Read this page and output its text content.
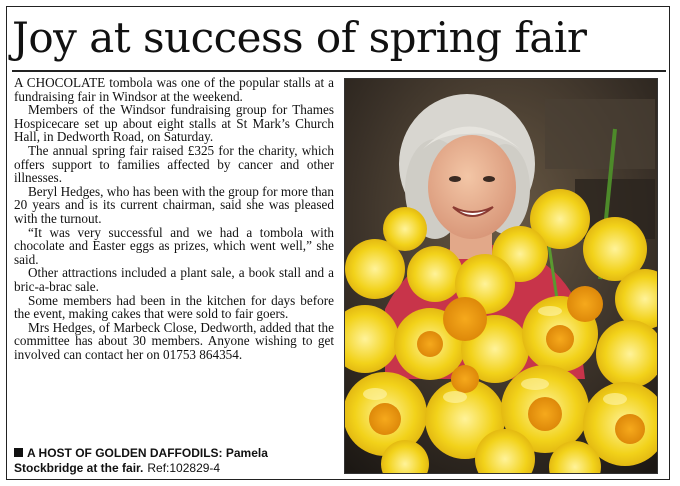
Joy at success of spring fair

A CHOCOLATE tombola was one of the popular stalls at a fundraising fair in Windsor at the weekend.

Members of the Windsor fundraising group for Thames Hospicecare set up about eight stalls at St Mark’s Church Hall, in Dedworth Road, on Saturday.

The annual spring fair raised £325 for the charity, which offers support to families affected by cancer and other illnesses.

Beryl Hedges, who has been with the group for more than 20 years and is its current chairman, said she was pleased with the turnout.

“It was very successful and we had a tombola with chocolate and Easter eggs as prizes, which went well,” she said.

Other attractions included a plant sale, a book stall and a bric-a-brac sale.

Some members had been in the kitchen for days before the event, making cakes that were sold to fair goers.

Mrs Hedges, of Marbeck Close, Dedworth, added that the committee has about 30 members. Anyone wishing to get involved can contact her on 01753 864354.

A HOST OF GOLDEN DAFFODILS: Pamela Stockbridge at the fair. Ref:102829-4
